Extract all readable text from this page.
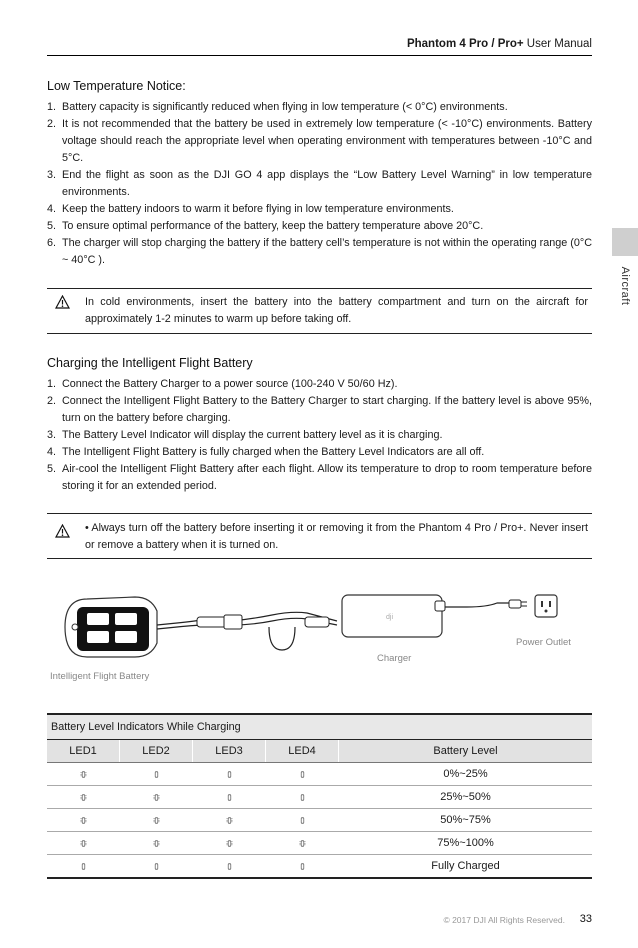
Phantom 4 Pro / Pro+ User Manual
Aircraft
Low Temperature Notice:
1. Battery capacity is significantly reduced when flying in low temperature (< 0°C) environments.
2. It is not recommended that the battery be used in extremely low temperature (< -10°C) environments. Battery voltage should reach the appropriate level when operating environment with temperatures between -10°C and 5°C.
3. End the flight as soon as the DJI GO 4 app displays the “Low Battery Level Warning” in low temperature environments.
4. Keep the battery indoors to warm it before flying in low temperature environments.
5. To ensure optimal performance of the battery, keep the battery temperature above 20°C.
6. The charger will stop charging the battery if the battery cell’s temperature is not within the operating range (0°C ~ 40°C ).
In cold environments, insert the battery into the battery compartment and turn on the aircraft for approximately 1-2 minutes to warm up before taking off.
Charging the Intelligent Flight Battery
1. Connect the Battery Charger to a power source (100-240 V 50/60 Hz).
2. Connect the Intelligent Flight Battery to the Battery Charger to start charging. If the battery level is above 95%, turn on the battery before charging.
3. The Battery Level Indicator will display the current battery level as it is charging.
4. The Intelligent Flight Battery is fully charged when the Battery Level Indicators are all off.
5. Air-cool the Intelligent Flight Battery after each flight. Allow its temperature to drop to room temperature before storing it for an extended period.
• Always turn off the battery before inserting it or removing it from the Phantom 4 Pro / Pro+. Never insert or remove a battery when it is turned on.
dji
Intelligent Flight Battery
Charger
Power Outlet
Battery Level Indicators While Charging				
LED1	LED2	LED3	LED4	Battery Level
				0%~25%
				25%~50%
				50%~75%
				75%~100%
				Fully Charged
© 2017 DJI All Rights Reserved. 33
